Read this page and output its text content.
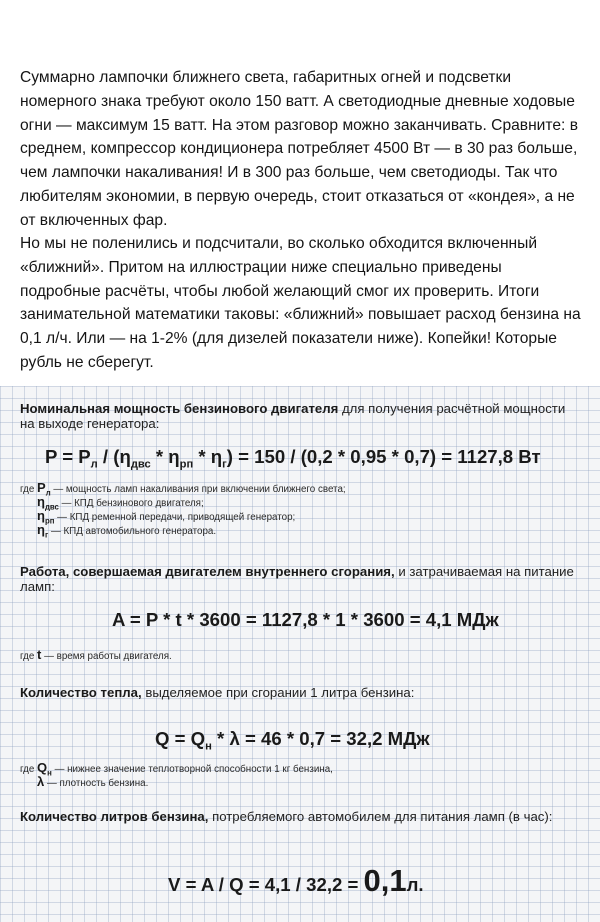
Суммарно лампочки ближнего света, габаритных огней и подсветки номерного знака требуют около 150 ватт. А светодиодные дневные ходовые огни — максимум 15 ватт. На этом разговор можно заканчивать. Сравните: в среднем, компрессор кондиционера потребляет 4500 Вт — в 30 раз больше, чем лампочки накаливания! И в 300 раз больше, чем светодиоды. Так что любителям экономии, в первую очередь, стоит отказаться от «кондея», а не от включенных фар.

Но мы не поленились и подсчитали, во сколько обходится включенный «ближний». Притом на иллюстрации ниже специально приведены подробные расчёты, чтобы любой желающий смог их проверить. Итоги занимательной математики таковы: «ближний» повышает расход бензина на 0,1 л/ч. Или — на 1-2% (для дизелей показатели ниже). Копейки! Которые рубль не сберегут.

Номинальная мощность бензинового двигателя для получения расчётной мощности на выходе генератора:
$P = P_л / (\eta_{двс} * \eta_{рп} * \eta_г) = 150 / (0,2 * 0,95 * 0,7) = 1127,8$ Вт
где $P_л$ — мощность ламп накаливания при включении ближнего света;
$\eta_{двс}$ — КПД бензинового двигателя;
$\eta_{рп}$ — КПД ременной передачи, приводящей генератор;
$\eta_г$ — КПД автомобильного генератора.
Работа, совершаемая двигателем внутреннего сгорания, и затрачиваемая на питание ламп:
A = P * t * 3600 = 1127,8 * 1 * 3600 = 4,1 МДж
где t — время работы двигателя.
Количество тепла, выделяемое при сгорании 1 литра бензина:
$Q = Q_н * \lambda = 46 * 0,7 = 32,2$ МДж
где $Q_н$ — нижнее значение теплотворной способности 1 кг бензина,
λ — плотность бензина.
Количество литров бензина, потребляемого автомобилем для питания ламп (в час):
V = A / Q = 4,1 / 32,2 = 0,1л.
